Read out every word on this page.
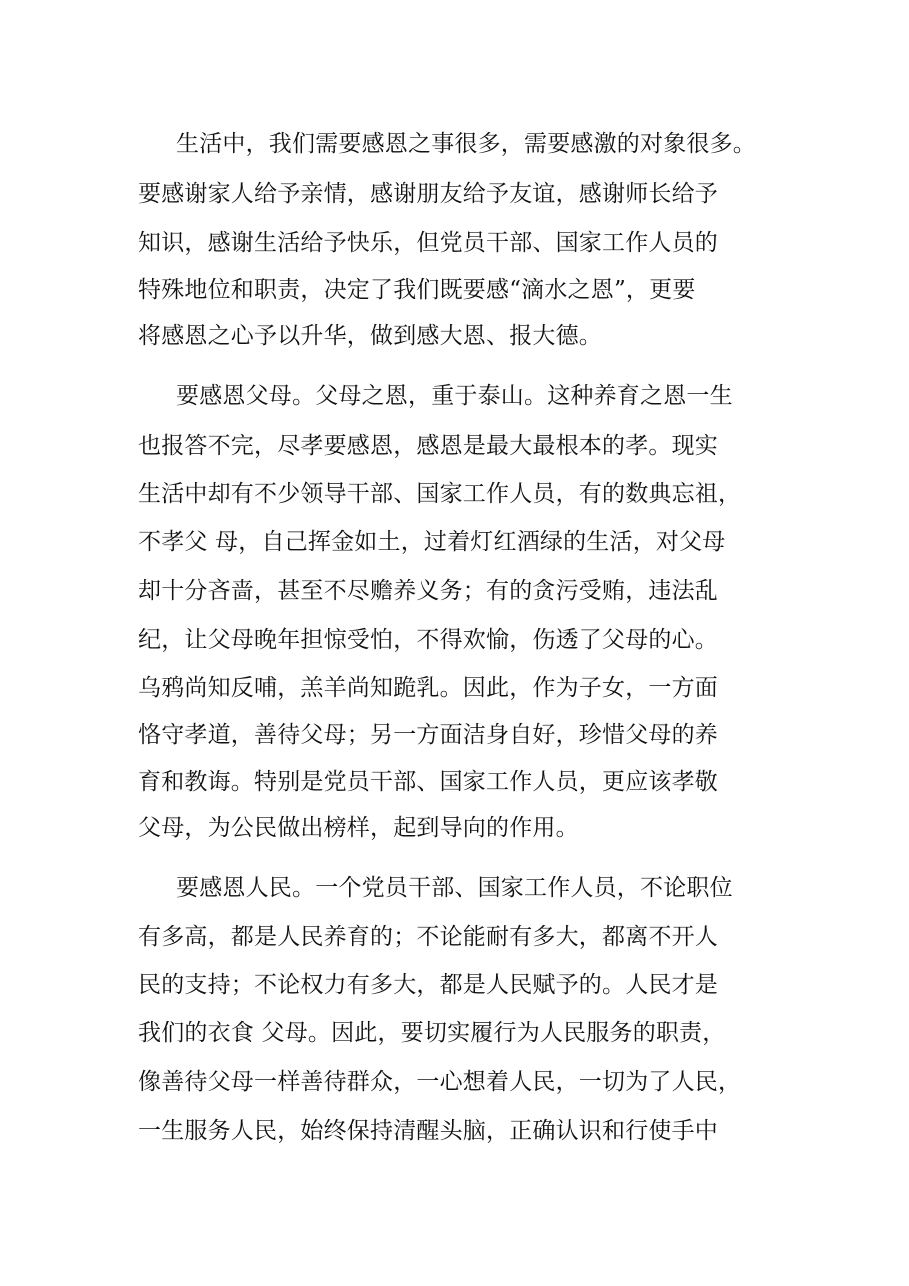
生活中，我们需要感恩之事很多，需要感激的对象很多。
要感谢家人给予亲情，感谢朋友给予友谊，感谢师长给予
知识，感谢生活给予快乐，但党员干部、国家工作人员的
特殊地位和职责，决定了我们既要感“滴水之恩”，更要
将感恩之心予以升华，做到感大恩、报大德。
要感恩父母。父母之恩，重于泰山。这种养育之恩一生
也报答不完，尽孝要感恩，感恩是最大最根本的孝。现实
生活中却有不少领导干部、国家工作人员，有的数典忘祖，
不孝父 母，自己挥金如土，过着灯红酒绿的生活，对父母
却十分吝啬，甚至不尽赡养义务；有的贪污受贿，违法乱
纪，让父母晚年担惊受怕，不得欢愉，伤透了父母的心。
乌鸦尚知反哺，羔羊尚知跪乳。因此，作为子女，一方面
恪守孝道，善待父母；另一方面洁身自好，珍惜父母的养
育和教诲。特别是党员干部、国家工作人员，更应该孝敬
父母，为公民做出榜样，起到导向的作用。
要感恩人民。一个党员干部、国家工作人员，不论职位
有多高，都是人民养育的；不论能耐有多大，都离不开人
民的支持；不论权力有多大，都是人民赋予的。人民才是
我们的衣食 父母。因此，要切实履行为人民服务的职责，
像善待父母一样善待群众，一心想着人民，一切为了人民，
一生服务人民，始终保持清醒头脑，正确认识和行使手中
